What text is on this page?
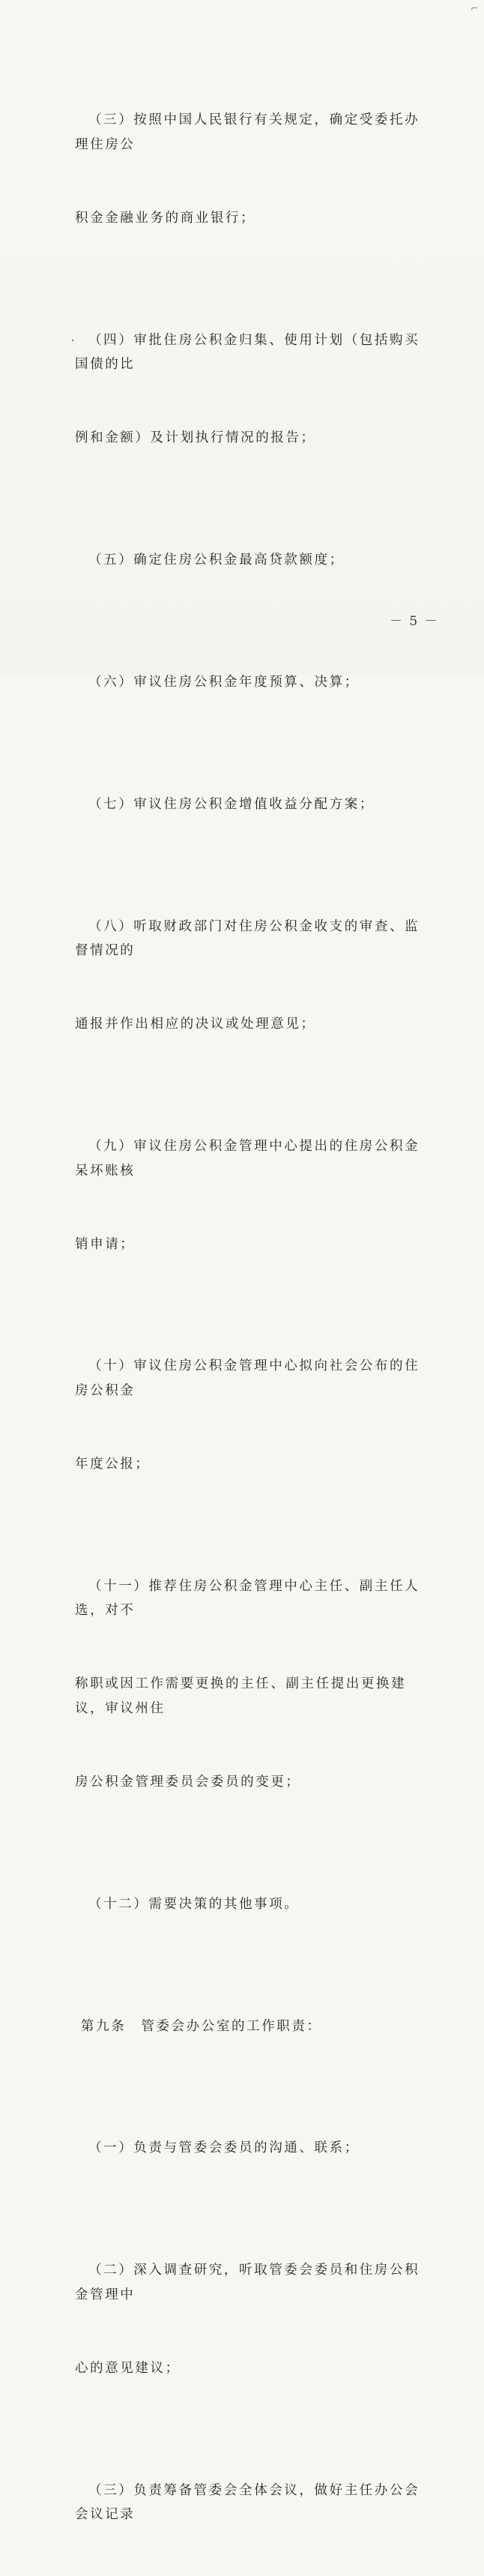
⌐

（三）按照中国人民银行有关规定，确定受委托办理住房公

积金金融业务的商业银行；

（四）审批住房公积金归集、使用计划（包括购买国债的比

例和金额）及计划执行情况的报告；

（五）确定住房公积金最高贷款额度；

（六）审议住房公积金年度预算、决算；

（七）审议住房公积金增值收益分配方案；

（八）听取财政部门对住房公积金收支的审查、监督情况的

通报并作出相应的决议或处理意见；

（九）审议住房公积金管理中心提出的住房公积金呆坏账核

销申请；

（十）审议住房公积金管理中心拟向社会公布的住房公积金

年度公报；

（十一）推荐住房公积金管理中心主任、副主任人选，对不

称职或因工作需要更换的主任、副主任提出更换建议，审议州住

房公积金管理委员会委员的变更；

（十二）需要决策的其他事项。

第九条　管委会办公室的工作职责：

（一）负责与管委会委员的沟通、联系；

（二）深入调查研究，听取管委会委员和住房公积金管理中

心的意见建议；

（三）负责筹备管委会全体会议，做好主任办公会会议记录

－ 5 －
